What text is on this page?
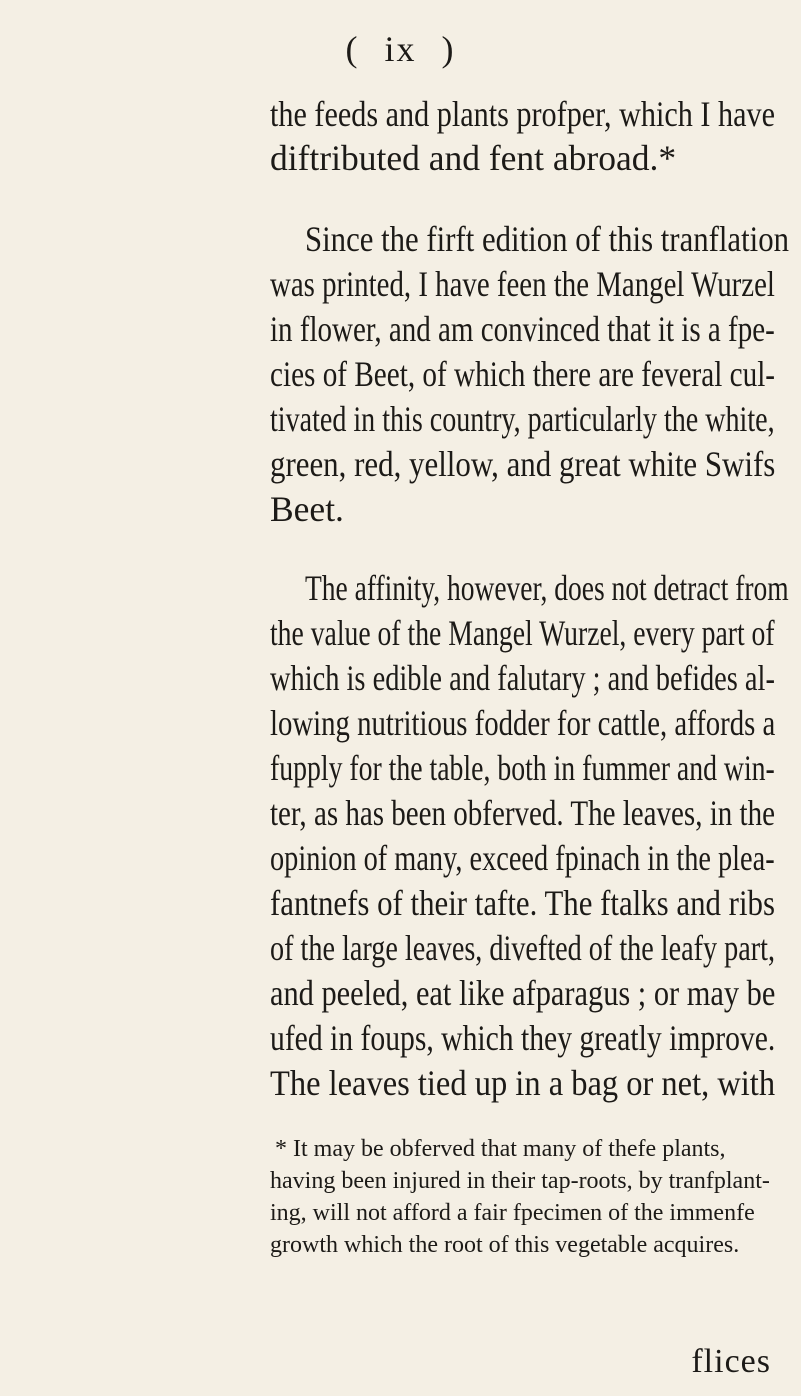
( ix )
the feeds and plants profper, which I have
diftributed and fent abroad.*
Since the firft edition of this tranflation
was printed, I have feen the Mangel Wurzel
in flower, and am convinced that it is a fpe-
cies of Beet, of which there are feveral cul-
tivated in this country, particularly the white,
green, red, yellow, and great white Swifs
Beet.
The affinity, however, does not detract from
the value of the Mangel Wurzel, every part of
which is edible and falutary ; and befides al-
lowing nutritious fodder for cattle, affords a
fupply for the table, both in fummer and win-
ter, as has been obferved. The leaves, in the
opinion of many, exceed fpinach in the plea-
fantnefs of their tafte. The ftalks and ribs
of the large leaves, divefted of the leafy part,
and peeled, eat like afparagus ; or may be
ufed in foups, which they greatly improve.
The leaves tied up in a bag or net, with
* It may be obferved that many of thefe plants,
having been injured in their tap-roots, by tranfplant-
ing, will not afford a fair fpecimen of the immenfe
growth which the root of this vegetable acquires.
flices
